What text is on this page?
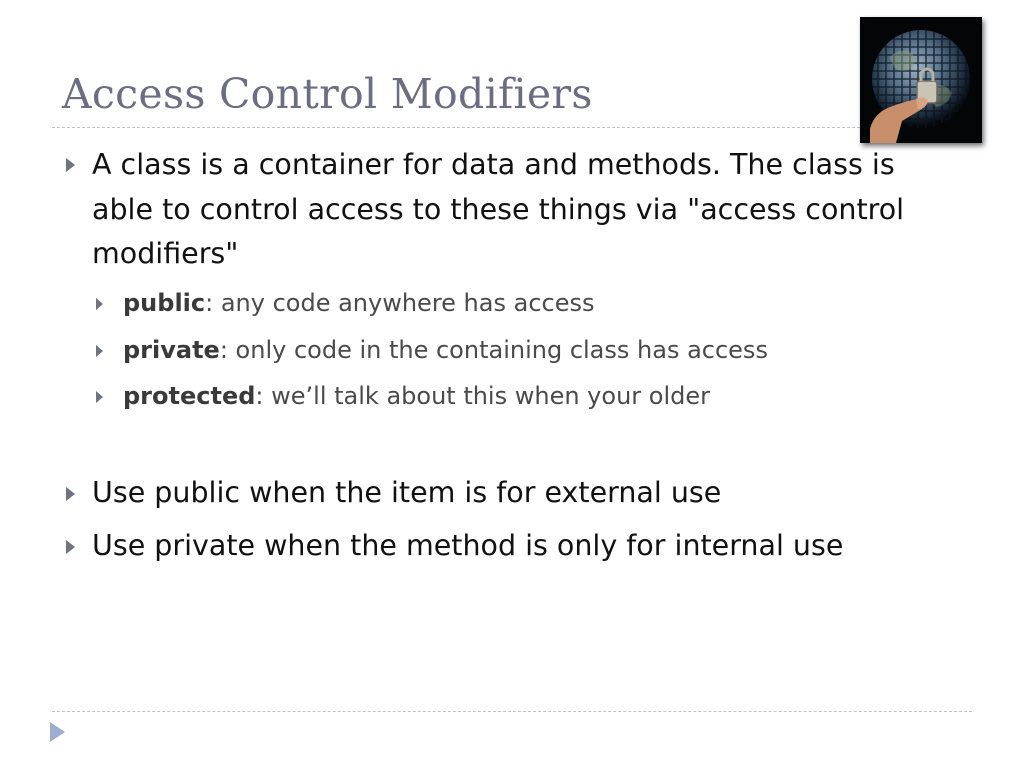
Access Control Modifiers
A class is a container for data and methods. The class is
able to control access to these things via "access control
modifiers"
public: any code anywhere has access
private: only code in the containing class has access
protected: we’ll talk about this when your older
Use public when the item is for external use
Use private when the method is only for internal use
